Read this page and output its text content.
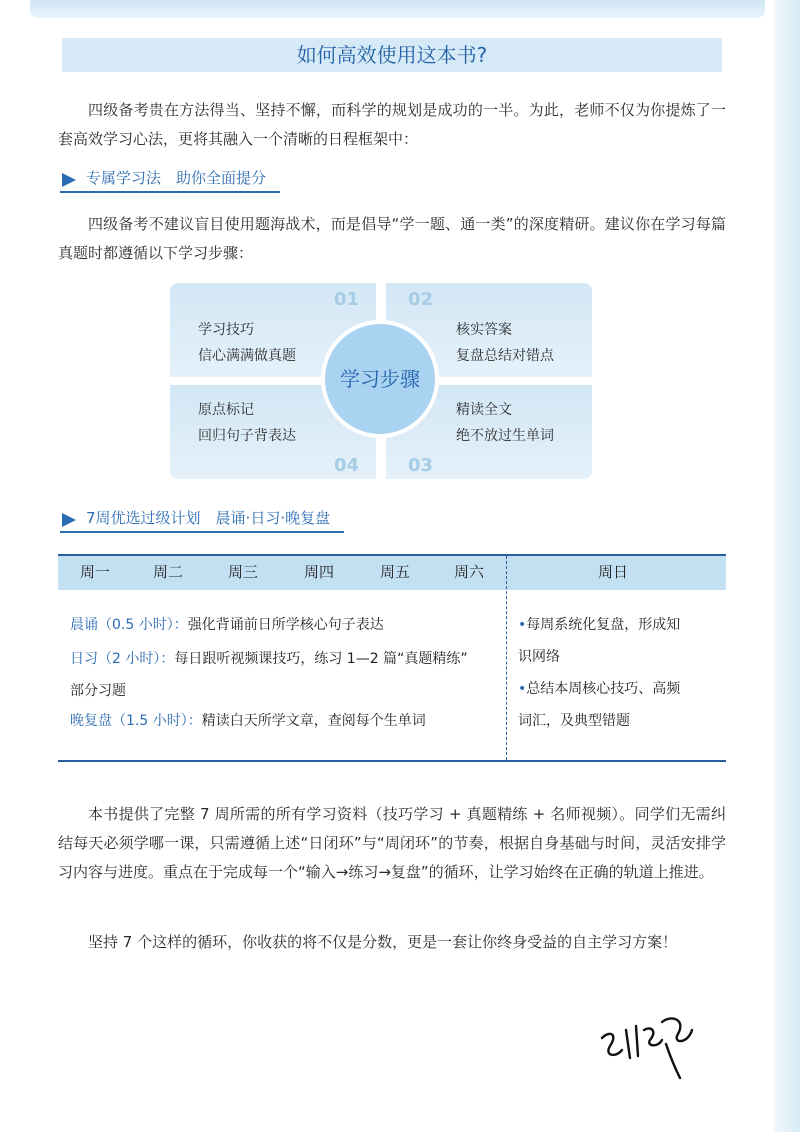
如何高效使用这本书?

四级备考贵在方法得当、坚持不懈，而科学的规划是成功的一半。为此，老师不仅为你提炼了一套高效学习心法，更将其融入一个清晰的日程框架中：

专属学习法　助你全面提分

四级备考不建议盲目使用题海战术，而是倡导“学一题、通一类”的深度精研。建议你在学习每篇真题时都遵循以下学习步骤：

01	02
03
04
学习技巧
信心满满做真题
核实答案
复盘总结对错点
精读全文
绝不放过生单词
原点标记
回归句子背表达
学习步骤
7周优选过级计划　晨诵·日习·晚复盘
周一	周二	周三	周四	周五	周六	周日
晨诵（0.5 小时）：强化背诵前日所学核心句子表达
日习（2 小时）：每日跟听视频课技巧，练习 1—2 篇“真题精练”
部分习题
晚复盘（1.5 小时）：精读白天所学文章，查阅每个生单词
•每周系统化复盘，形成知
识网络
•总结本周核心技巧、高频
词汇，及典型错题

本书提供了完整 7 周所需的所有学习资料（技巧学习 + 真题精练 + 名师视频）。同学们无需纠结每天必须学哪一课，只需遵循上述“日闭环”与“周闭环”的节奏，根据自身基础与时间，灵活安排学习内容与进度。重点在于完成每一个“输入→练习→复盘”的循环，让学习始终在正确的轨道上推进。

坚持 7 个这样的循环，你收获的将不仅是分数，更是一套让你终身受益的自主学习方案！
